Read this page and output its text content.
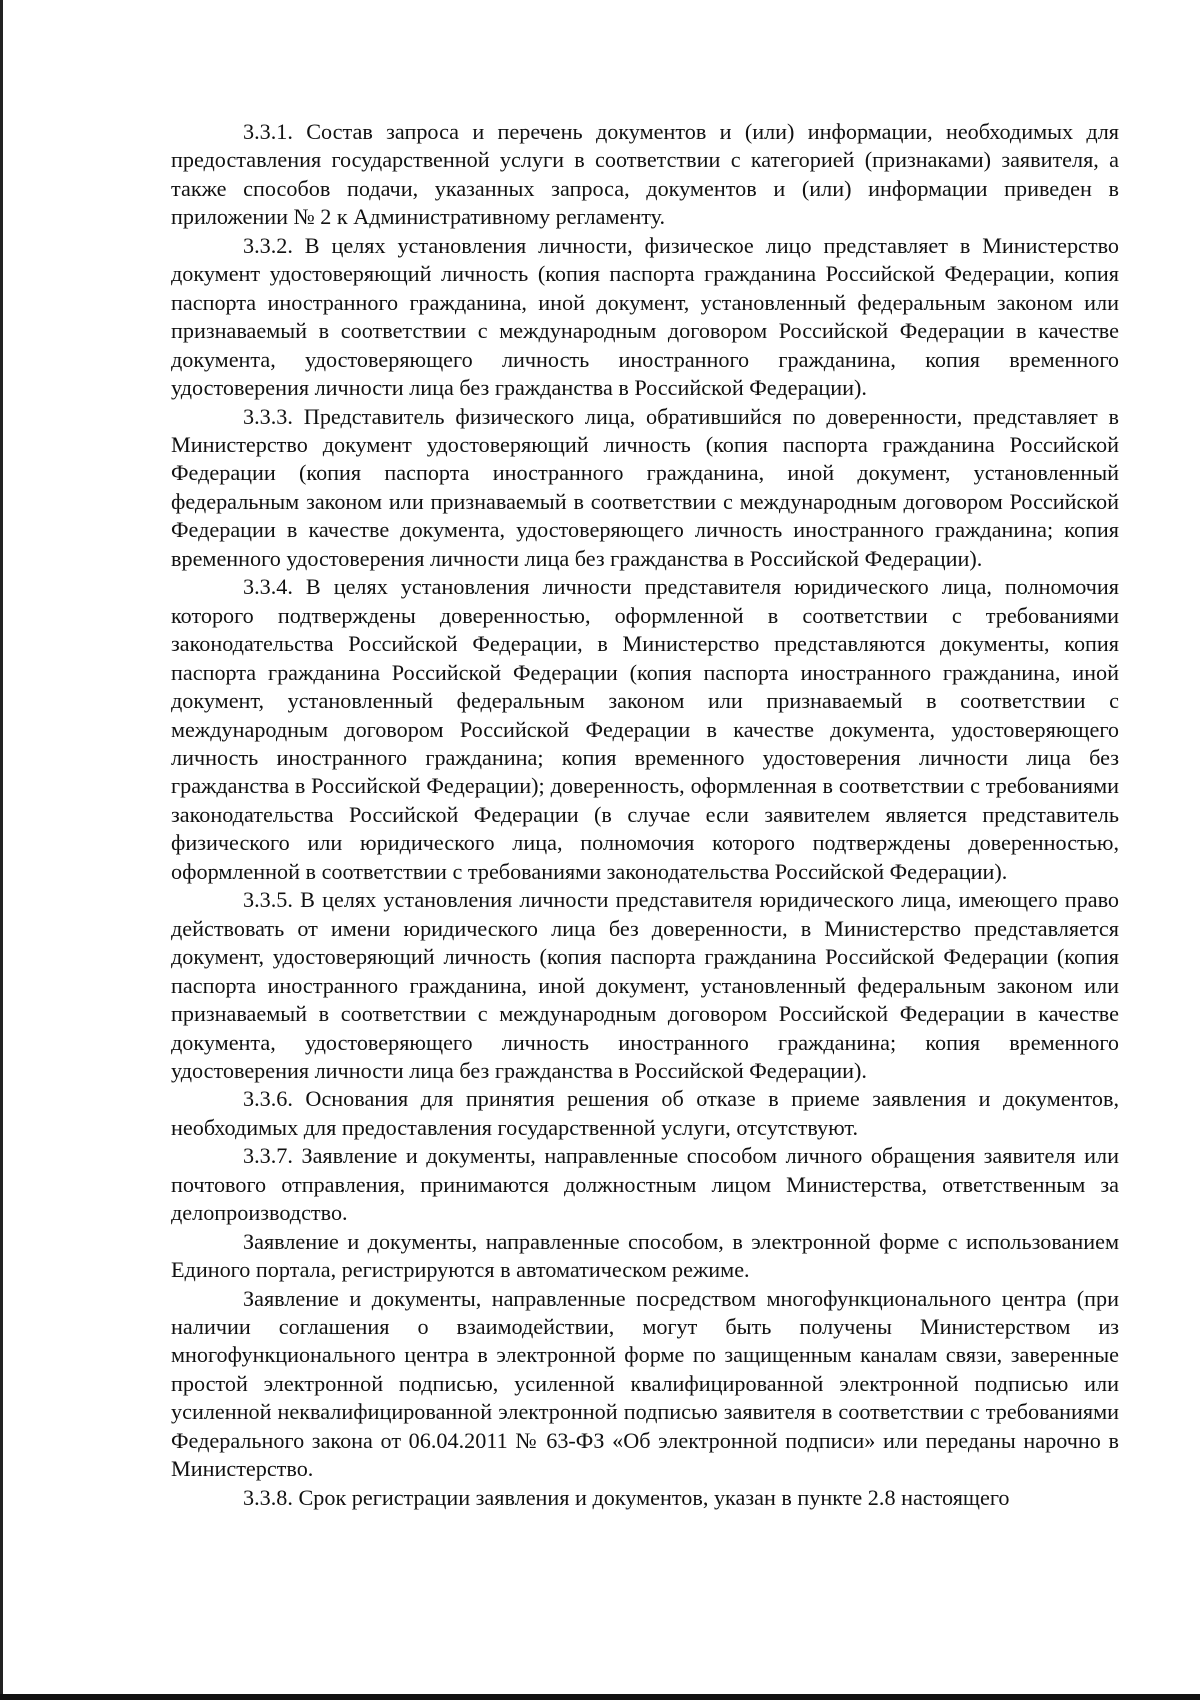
3.3.1. Состав запроса и перечень документов и (или) информации, необходимых для предоставления государственной услуги в соответствии с категорией (признаками) заявителя, а также способов подачи, указанных запроса, документов и (или) информации приведен в приложении № 2 к Административному регламенту.

3.3.2. В целях установления личности, физическое лицо представляет в Министерство документ удостоверяющий личность (копия паспорта гражданина Российской Федерации, копия паспорта иностранного гражданина, иной документ, установленный федеральным законом или признаваемый в соответствии с международным договором Российской Федерации в качестве документа, удостоверяющего личность иностранного гражданина, копия временного удостоверения личности лица без гражданства в Российской Федерации).

3.3.3. Представитель физического лица, обратившийся по доверенности, представляет в Министерство документ удостоверяющий личность (копия паспорта гражданина Российской Федерации (копия паспорта иностранного гражданина, иной документ, установленный федеральным законом или признаваемый в соответствии с международным договором Российской Федерации в качестве документа, удостоверяющего личность иностранного гражданина; копия временного удостоверения личности лица без гражданства в Российской Федерации).

3.3.4. В целях установления личности представителя юридического лица, полномочия которого подтверждены доверенностью, оформленной в соответствии с требованиями законодательства Российской Федерации, в Министерство представляются документы, копия паспорта гражданина Российской Федерации (копия паспорта иностранного гражданина, иной документ, установленный федеральным законом или признаваемый в соответствии с международным договором Российской Федерации в качестве документа, удостоверяющего личность иностранного гражданина; копия временного удостоверения личности лица без гражданства в Российской Федерации); доверенность, оформленная в соответствии с требованиями законодательства Российской Федерации (в случае если заявителем является представитель физического или юридического лица, полномочия которого подтверждены доверенностью, оформленной в соответствии с требованиями законодательства Российской Федерации).

3.3.5. В целях установления личности представителя юридического лица, имеющего право действовать от имени юридического лица без доверенности, в Министерство представляется документ, удостоверяющий личность (копия паспорта гражданина Российской Федерации (копия паспорта иностранного гражданина, иной документ, установленный федеральным законом или признаваемый в соответствии с международным договором Российской Федерации в качестве документа, удостоверяющего личность иностранного гражданина; копия временного удостоверения личности лица без гражданства в Российской Федерации).

3.3.6. Основания для принятия решения об отказе в приеме заявления и документов, необходимых для предоставления государственной услуги, отсутствуют.

3.3.7. Заявление и документы, направленные способом личного обращения заявителя или почтового отправления, принимаются должностным лицом Министерства, ответственным за делопроизводство.

Заявление и документы, направленные способом, в электронной форме с использованием Единого портала, регистрируются в автоматическом режиме.

Заявление и документы, направленные посредством многофункционального центра (при наличии соглашения о взаимодействии, могут быть получены Министерством из многофункционального центра в электронной форме по защищенным каналам связи, заверенные простой электронной подписью, усиленной квалифицированной электронной подписью или усиленной неквалифицированной электронной подписью заявителя в соответствии с требованиями Федерального закона от 06.04.2011 № 63-ФЗ «Об электронной подписи» или переданы нарочно в Министерство.

3.3.8. Срок регистрации заявления и документов, указан в пункте 2.8 настоящего
